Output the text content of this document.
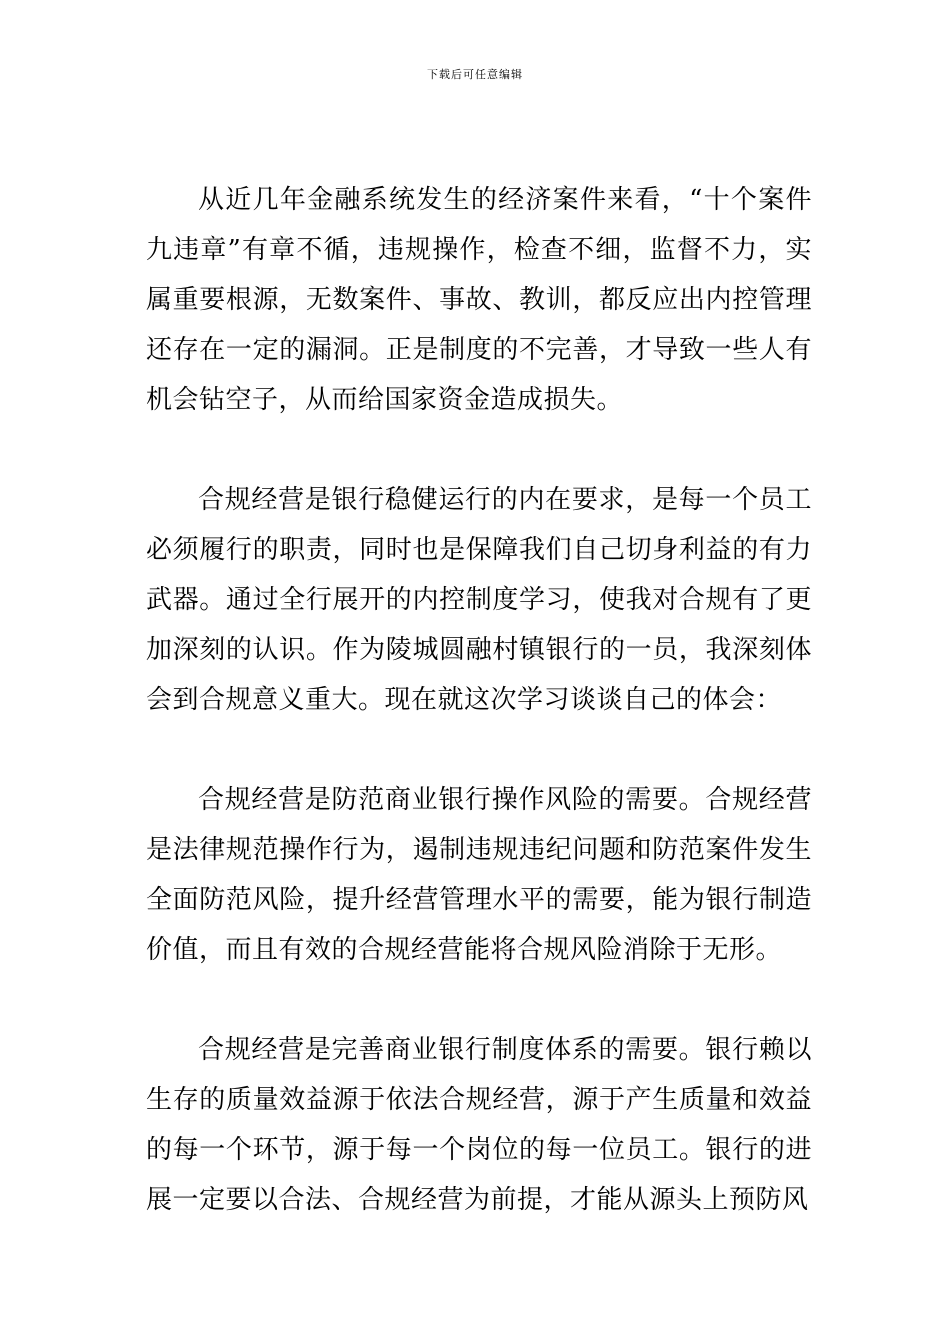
下载后可任意编辑

从近几年金融系统发生的经济案件来看，“十个案件九违章”有章不循，违规操作，检查不细，监督不力，实属重要根源，无数案件、事故、教训，都反应出内控管理还存在一定的漏洞。正是制度的不完善，才导致一些人有机会钻空子，从而给国家资金造成损失。

合规经营是银行稳健运行的内在要求，是每一个员工必须履行的职责，同时也是保障我们自己切身利益的有力武器。通过全行展开的内控制度学习，使我对合规有了更加深刻的认识。作为陵城圆融村镇银行的一员，我深刻体会到合规意义重大。现在就这次学习谈谈自己的体会：

合规经营是防范商业银行操作风险的需要。合规经营是法律规范操作行为，遏制违规违纪问题和防范案件发生全面防范风险，提升经营管理水平的需要，能为银行制造价值，而且有效的合规经营能将合规风险消除于无形。

合规经营是完善商业银行制度体系的需要。银行赖以生存的质量效益源于依法合规经营，源于产生质量和效益的每一个环节，源于每一个岗位的每一位员工。银行的进展一定要以合法、合规经营为前提，才能从源头上预防风
